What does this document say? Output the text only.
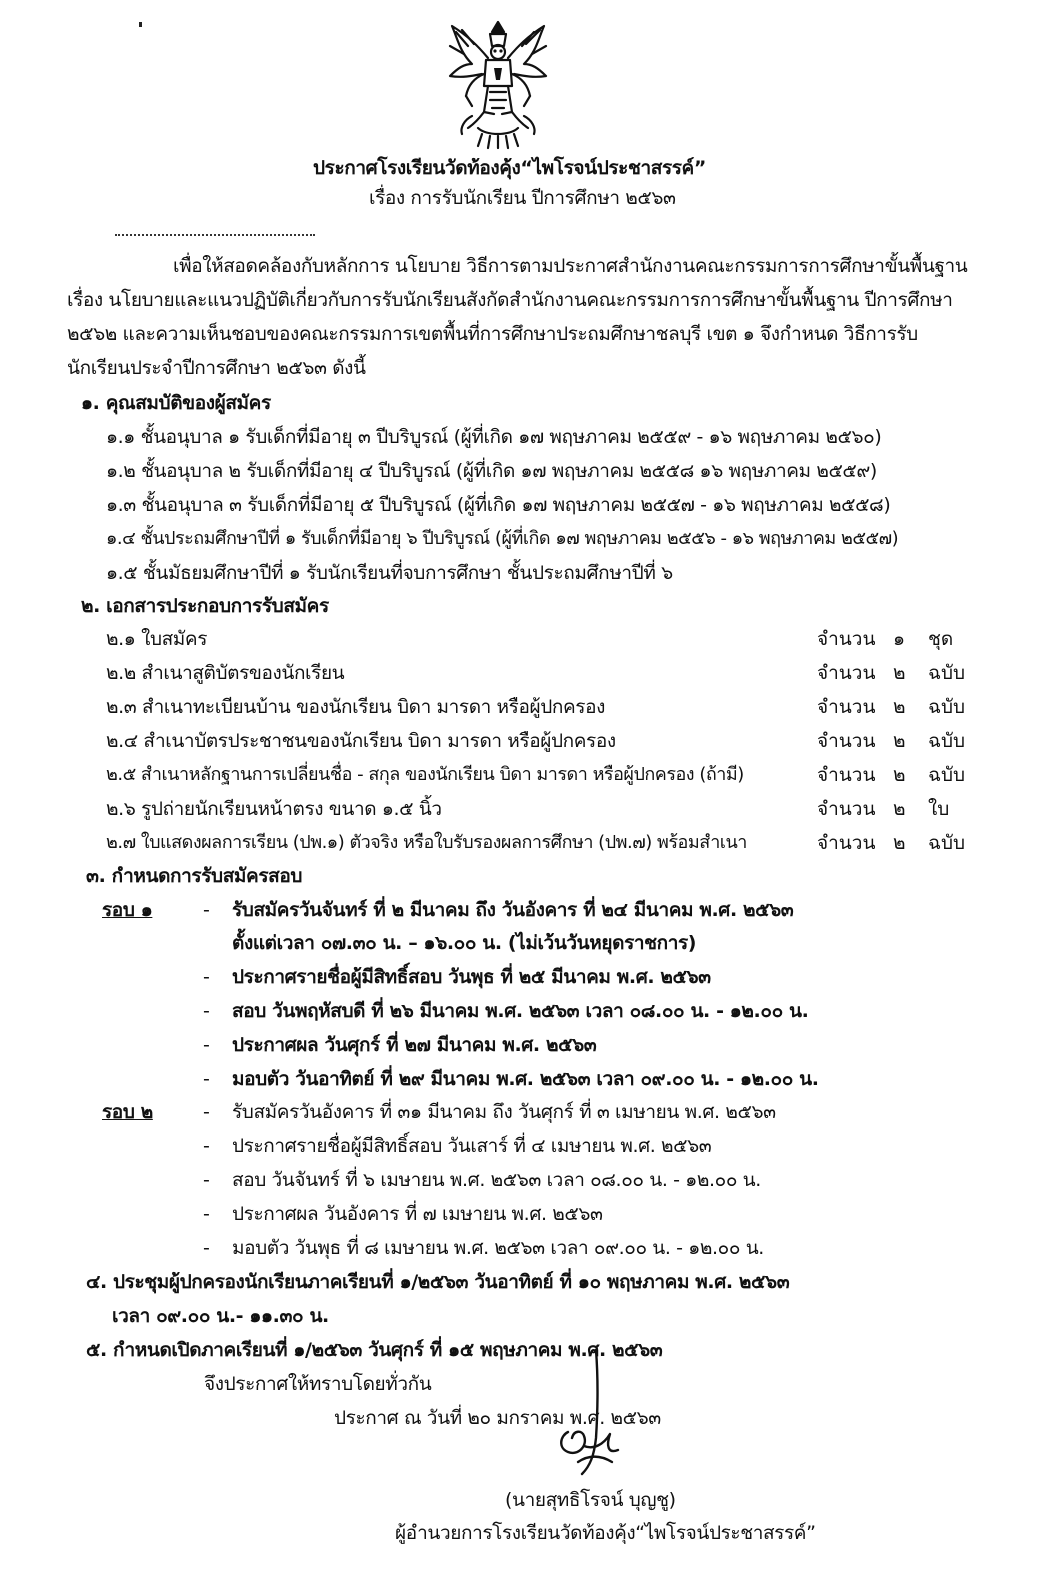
ประกาศโรงเรียนวัดท้องคุ้ง“ไพโรจน์ประชาสรรค์”
เรื่อง การรับนักเรียน ปีการศึกษา ๒๕๖๓
เพื่อให้สอดคล้องกับหลักการ นโยบาย วิธีการตามประกาศสำนักงานคณะกรรมการการศึกษาขั้นพื้นฐาน
เรื่อง นโยบายและแนวปฏิบัติเกี่ยวกับการรับนักเรียนสังกัดสำนักงานคณะกรรมการการศึกษาขั้นพื้นฐาน ปีการศึกษา
๒๕๖๒ และความเห็นชอบของคณะกรรมการเขตพื้นที่การศึกษาประถมศึกษาชลบุรี เขต ๑ จึงกำหนด วิธีการรับ
นักเรียนประจำปีการศึกษา ๒๕๖๓ ดังนี้
๑. คุณสมบัติของผู้สมัคร
๑.๑ ชั้นอนุบาล ๑ รับเด็กที่มีอายุ ๓ ปีบริบูรณ์ (ผู้ที่เกิด ๑๗ พฤษภาคม ๒๕๕๙ - ๑๖ พฤษภาคม ๒๕๖๐)
๑.๒ ชั้นอนุบาล ๒ รับเด็กที่มีอายุ ๔ ปีบริบูรณ์ (ผู้ที่เกิด ๑๗ พฤษภาคม ๒๕๕๘ ๑๖ พฤษภาคม ๒๕๕๙)
๑.๓ ชั้นอนุบาล ๓ รับเด็กที่มีอายุ ๕ ปีบริบูรณ์ (ผู้ที่เกิด ๑๗ พฤษภาคม ๒๕๕๗ - ๑๖ พฤษภาคม ๒๕๕๘)
๑.๔ ชั้นประถมศึกษาปีที่ ๑ รับเด็กที่มีอายุ ๖ ปีบริบูรณ์ (ผู้ที่เกิด ๑๗ พฤษภาคม ๒๕๕๖ - ๑๖ พฤษภาคม ๒๕๕๗)
๑.๕ ชั้นมัธยมศึกษาปีที่ ๑ รับนักเรียนที่จบการศึกษา ชั้นประถมศึกษาปีที่ ๖
๒. เอกสารประกอบการรับสมัคร
๒.๑ ใบสมัคร	จำนวน ๑ ชุด
๒.๒ สำเนาสูติบัตรของนักเรียน	จำนวน ๒ ฉบับ
๒.๓ สำเนาทะเบียนบ้าน ของนักเรียน บิดา มารดา หรือผู้ปกครอง	จำนวน ๒ ฉบับ
๒.๔ สำเนาบัตรประชาชนของนักเรียน บิดา มารดา หรือผู้ปกครอง	จำนวน ๒ ฉบับ
๒.๕ สำเนาหลักฐานการเปลี่ยนชื่อ - สกุล ของนักเรียน บิดา มารดา หรือผู้ปกครอง (ถ้ามี)	จำนวน ๒ ฉบับ
๒.๖ รูปถ่ายนักเรียนหน้าตรง ขนาด ๑.๕ นิ้ว	จำนวน ๒ ใบ
๒.๗ ใบแสดงผลการเรียน (ปพ.๑) ตัวจริง หรือใบรับรองผลการศึกษา (ปพ.๗) พร้อมสำเนา	จำนวน ๒ ฉบับ
๓. กำหนดการรับสมัครสอบ
รอบ ๑	- รับสมัครวันจันทร์ ที่ ๒ มีนาคม ถึง วันอังคาร ที่ ๒๔ มีนาคม พ.ศ. ๒๕๖๓
ตั้งแต่เวลา ๐๗.๓๐ น. – ๑๖.๐๐ น. (ไม่เว้นวันหยุดราชการ)
- ประกาศรายชื่อผู้มีสิทธิ์สอบ วันพุธ ที่ ๒๕ มีนาคม พ.ศ. ๒๕๖๓
- สอบ วันพฤหัสบดี ที่ ๒๖ มีนาคม พ.ศ. ๒๕๖๓ เวลา ๐๘.๐๐ น. - ๑๒.๐๐ น.
- ประกาศผล วันศุกร์ ที่ ๒๗ มีนาคม พ.ศ. ๒๕๖๓
- มอบตัว วันอาทิตย์ ที่ ๒๙ มีนาคม พ.ศ. ๒๕๖๓ เวลา ๐๙.๐๐ น. - ๑๒.๐๐ น.
รอบ ๒	- รับสมัครวันอังคาร ที่ ๓๑ มีนาคม ถึง วันศุกร์ ที่ ๓ เมษายน พ.ศ. ๒๕๖๓
- ประกาศรายชื่อผู้มีสิทธิ์สอบ วันเสาร์ ที่ ๔ เมษายน พ.ศ. ๒๕๖๓
- สอบ วันจันทร์ ที่ ๖ เมษายน พ.ศ. ๒๕๖๓ เวลา ๐๘.๐๐ น. - ๑๒.๐๐ น.
- ประกาศผล วันอังคาร ที่ ๗ เมษายน พ.ศ. ๒๕๖๓
- มอบตัว วันพุธ ที่ ๘ เมษายน พ.ศ. ๒๕๖๓ เวลา ๐๙.๐๐ น. - ๑๒.๐๐ น.
๔. ประชุมผู้ปกครองนักเรียนภาคเรียนที่ ๑/๒๕๖๓ วันอาทิตย์ ที่ ๑๐ พฤษภาคม พ.ศ. ๒๕๖๓
เวลา ๐๙.๐๐ น.- ๑๑.๓๐ น.
๕. กำหนดเปิดภาคเรียนที่ ๑/๒๕๖๓ วันศุกร์ ที่ ๑๕ พฤษภาคม พ.ศ. ๒๕๖๓
จึงประกาศให้ทราบโดยทั่วกัน
ประกาศ ณ วันที่ ๒๐ มกราคม พ.ศ. ๒๕๖๓
(นายสุทธิโรจน์ บุญชู)
ผู้อำนวยการโรงเรียนวัดท้องคุ้ง“ไพโรจน์ประชาสรรค์”
